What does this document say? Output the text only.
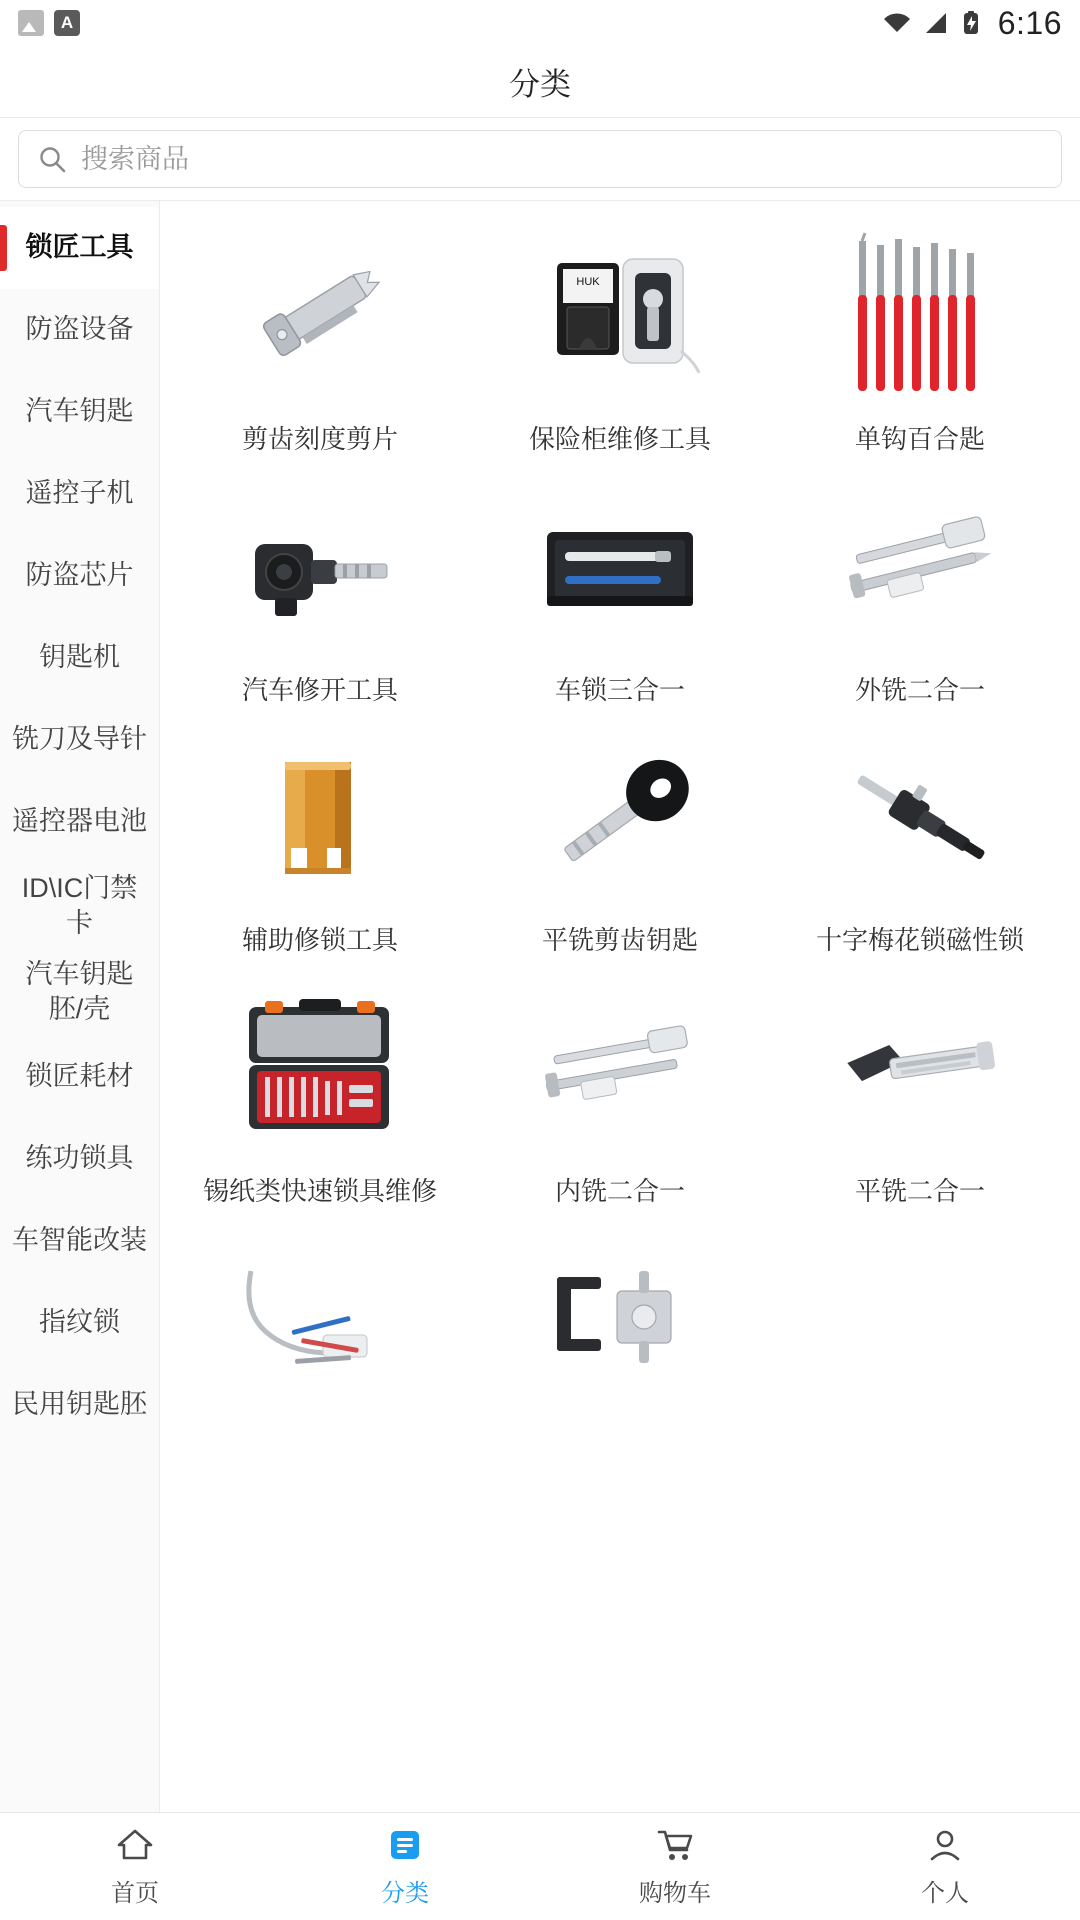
A	6:16
分类
搜索商品
锁匠工具
防盗设备
汽车钥匙
遥控子机
防盗芯片
钥匙机
铣刀及导针
遥控器电池
ID\IC门禁卡
汽车钥匙胚/壳
锁匠耗材
练功锁具
车智能改装
指纹锁
民用钥匙胚
剪齿刻度剪片
HUK
保险柜维修工具	单钩百合匙
汽车修开工具	车锁三合一	外铣二合一
辅助修锁工具	平铣剪齿钥匙	十字梅花锁磁性锁
锡纸类快速锁具维修	内铣二合一	平铣二合一
首页	分类	购物车	个人
